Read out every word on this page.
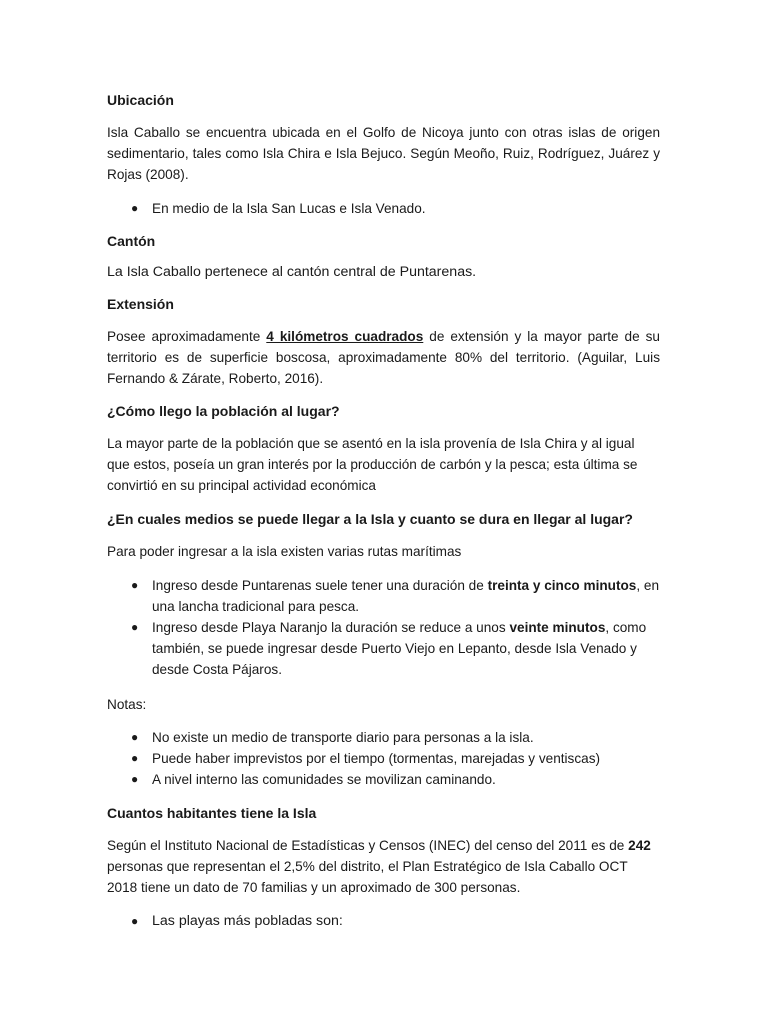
Ubicación

Isla Caballo se encuentra ubicada en el Golfo de Nicoya junto con otras islas de origen sedimentario, tales como Isla Chira e Isla Bejuco. Según Meoño, Ruiz, Rodríguez, Juárez y Rojas (2008).

●	En medio de la Isla San Lucas e Isla Venado.
Cantón

La Isla Caballo pertenece al cantón central de Puntarenas.

Extensión

Posee aproximadamente 4 kilómetros cuadrados de extensión y la mayor parte de su territorio es de superficie boscosa, aproximadamente 80% del territorio. (Aguilar, Luis Fernando & Zárate, Roberto, 2016).

¿Cómo llego la población al lugar?

La mayor parte de la población que se asentó en la isla provenía de Isla Chira y al igual que estos, poseía un gran interés por la producción de carbón y la pesca; esta última se convirtió en su principal actividad económica

¿En cuales medios se puede llegar a la Isla y cuanto se dura en llegar al lugar?

Para poder ingresar a la isla existen varias rutas marítimas

●	Ingreso desde Puntarenas suele tener una duración de treinta y cinco minutos, en una lancha tradicional para pesca.
●	Ingreso desde Playa Naranjo la duración se reduce a unos veinte minutos, como también, se puede ingresar desde Puerto Viejo en Lepanto, desde Isla Venado y desde Costa Pájaros.

Notas:

●	No existe un medio de transporte diario para personas a la isla.
●	Puede haber imprevistos por el tiempo (tormentas, marejadas y ventiscas)
●	A nivel interno las comunidades se movilizan caminando.
Cuantos habitantes tiene la Isla

Según el Instituto Nacional de Estadísticas y Censos (INEC) del censo del 2011 es de 242 personas que representan el 2,5% del distrito, el Plan Estratégico de Isla Caballo OCT 2018 tiene un dato de 70 familias y un aproximado de 300 personas.

● Las playas más pobladas son:
